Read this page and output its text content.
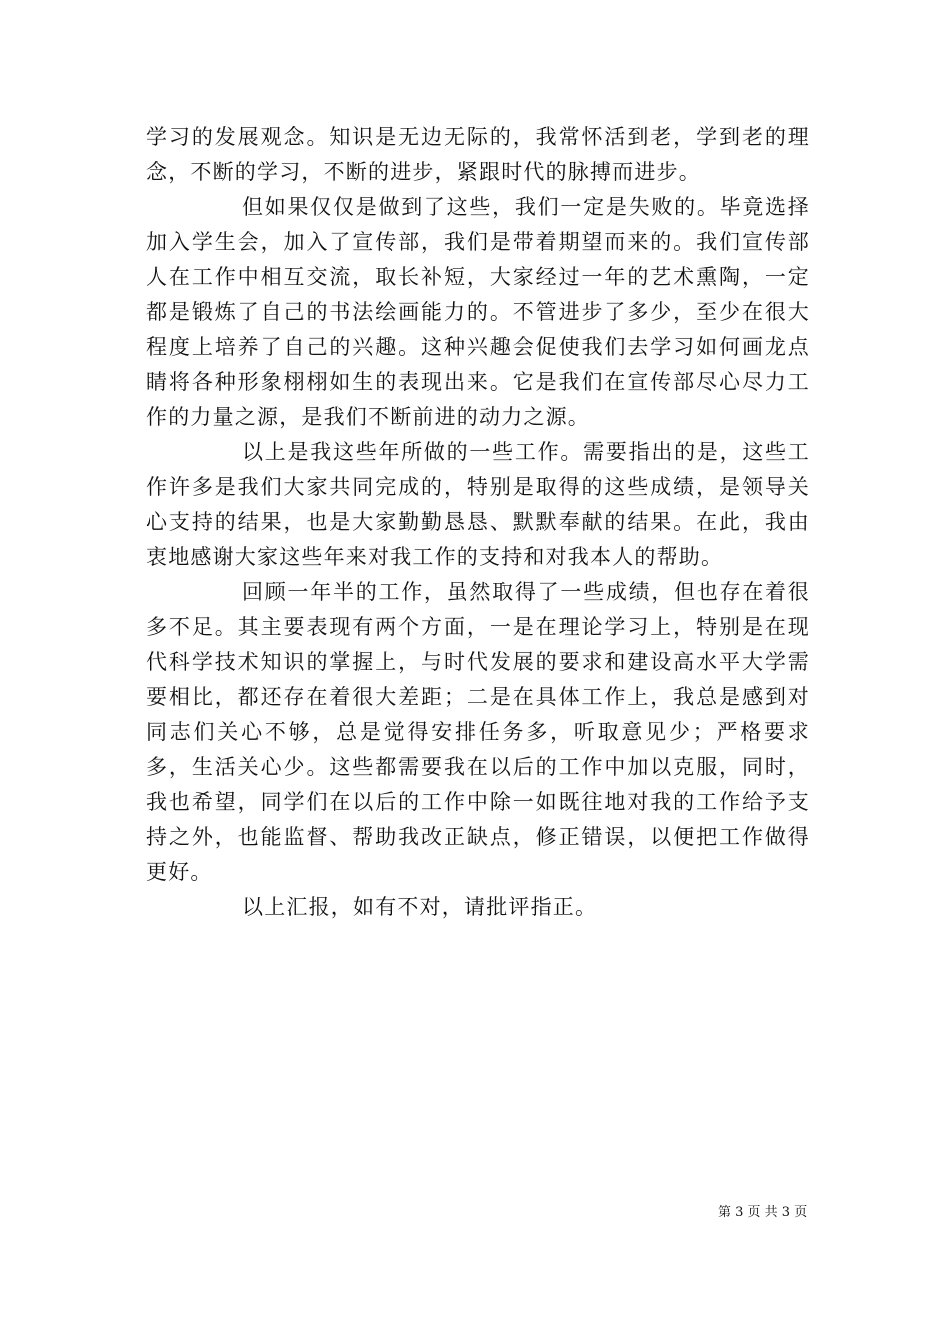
学习的发展观念。知识是无边无际的，我常怀活到老，学到老的理念，不断的学习，不断的进步，紧跟时代的脉搏而进步。

但如果仅仅是做到了这些，我们一定是失败的。毕竟选择加入学生会，加入了宣传部，我们是带着期望而来的。我们宣传部人在工作中相互交流，取长补短，大家经过一年的艺术熏陶，一定都是锻炼了自己的书法绘画能力的。不管进步了多少，至少在很大程度上培养了自己的兴趣。这种兴趣会促使我们去学习如何画龙点睛将各种形象栩栩如生的表现出来。它是我们在宣传部尽心尽力工作的力量之源，是我们不断前进的动力之源。

以上是我这些年所做的一些工作。需要指出的是，这些工作许多是我们大家共同完成的，特别是取得的这些成绩，是领导关心支持的结果，也是大家勤勤恳恳、默默奉献的结果。在此，我由衷地感谢大家这些年来对我工作的支持和对我本人的帮助。

回顾一年半的工作，虽然取得了一些成绩，但也存在着很多不足。其主要表现有两个方面，一是在理论学习上，特别是在现代科学技术知识的掌握上，与时代发展的要求和建设高水平大学需要相比，都还存在着很大差距；二是在具体工作上，我总是感到对同志们关心不够，总是觉得安排任务多，听取意见少；严格要求多，生活关心少。这些都需要我在以后的工作中加以克服，同时，我也希望，同学们在以后的工作中除一如既往地对我的工作给予支持之外，也能监督、帮助我改正缺点，修正错误，以便把工作做得更好。

以上汇报，如有不对，请批评指正。

第 3 页 共 3 页
